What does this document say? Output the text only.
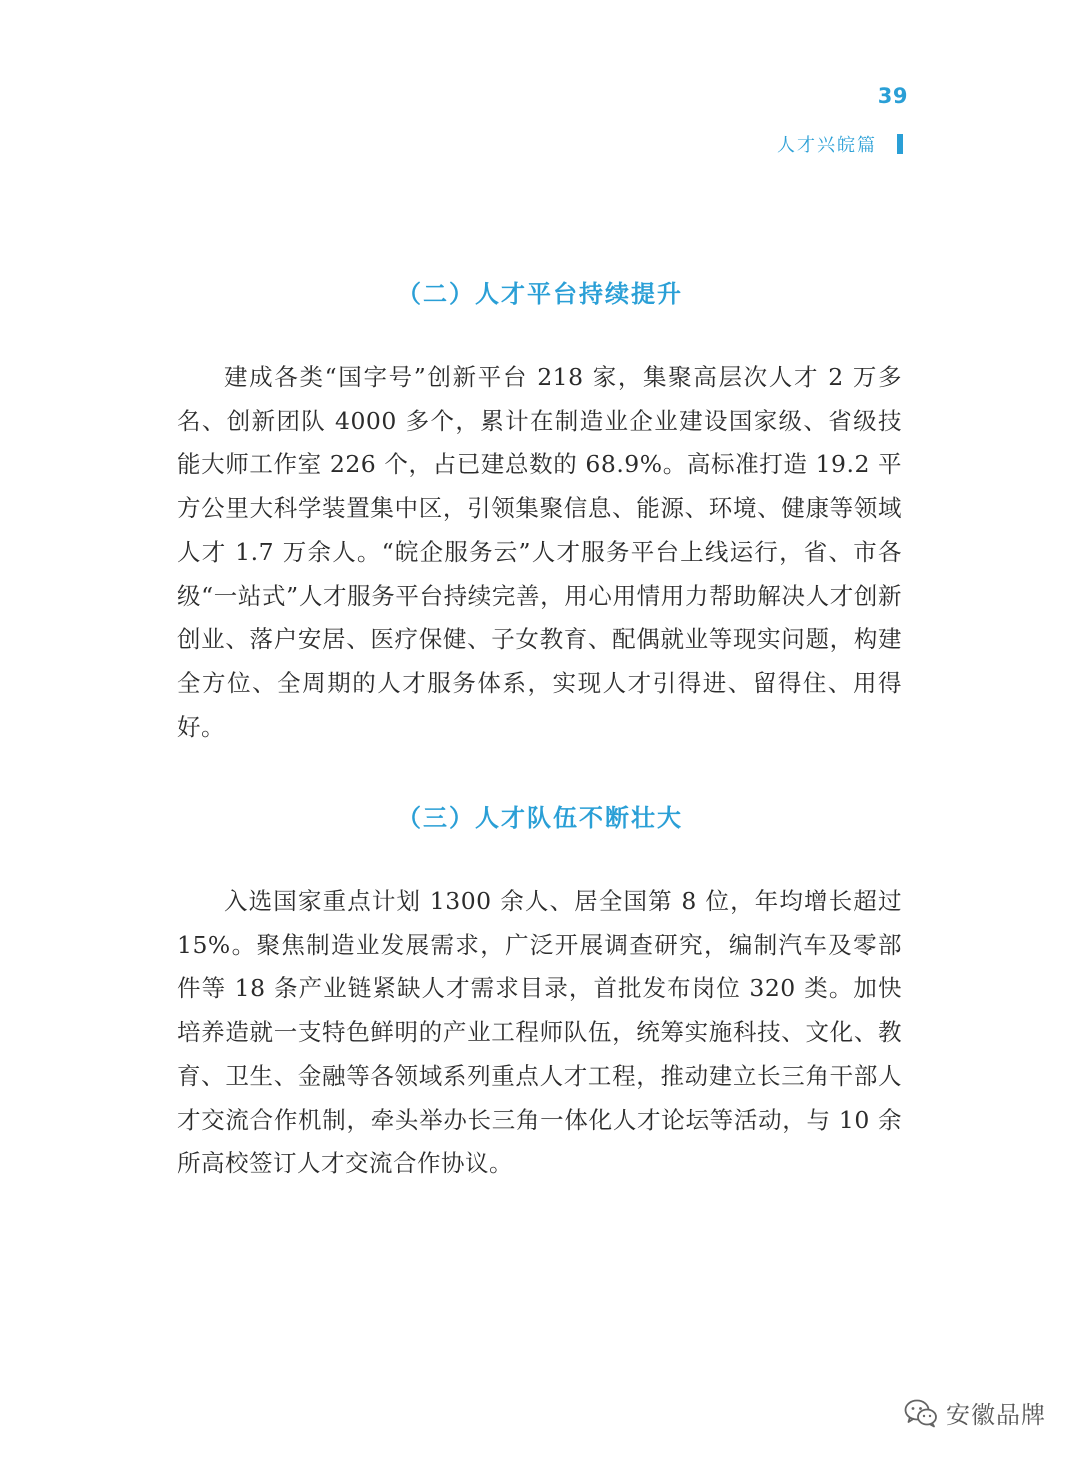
39
人才兴皖篇
（二）人才平台持续提升

建成各类“国字号”创新平台 218 家，集聚高层次人才 2 万多名、创新团队 4000 多个，累计在制造业企业建设国家级、省级技能大师工作室 226 个，占已建总数的 68.9%。高标准打造 19.2 平方公里大科学装置集中区，引领集聚信息、能源、环境、健康等领域人才 1.7 万余人。“皖企服务云”人才服务平台上线运行，省、市各级“一站式”人才服务平台持续完善，用心用情用力帮助解决人才创新创业、落户安居、医疗保健、子女教育、配偶就业等现实问题，构建全方位、全周期的人才服务体系，实现人才引得进、留得住、用得好。

（三）人才队伍不断壮大

入选国家重点计划 1300 余人、居全国第 8 位，年均增长超过 15%。聚焦制造业发展需求，广泛开展调查研究，编制汽车及零部件等 18 条产业链紧缺人才需求目录，首批发布岗位 320 类。加快培养造就一支特色鲜明的产业工程师队伍，统筹实施科技、文化、教育、卫生、金融等各领域系列重点人才工程，推动建立长三角干部人才交流合作机制，牵头举办长三角一体化人才论坛等活动，与 10 余所高校签订人才交流合作协议。

安徽品牌
